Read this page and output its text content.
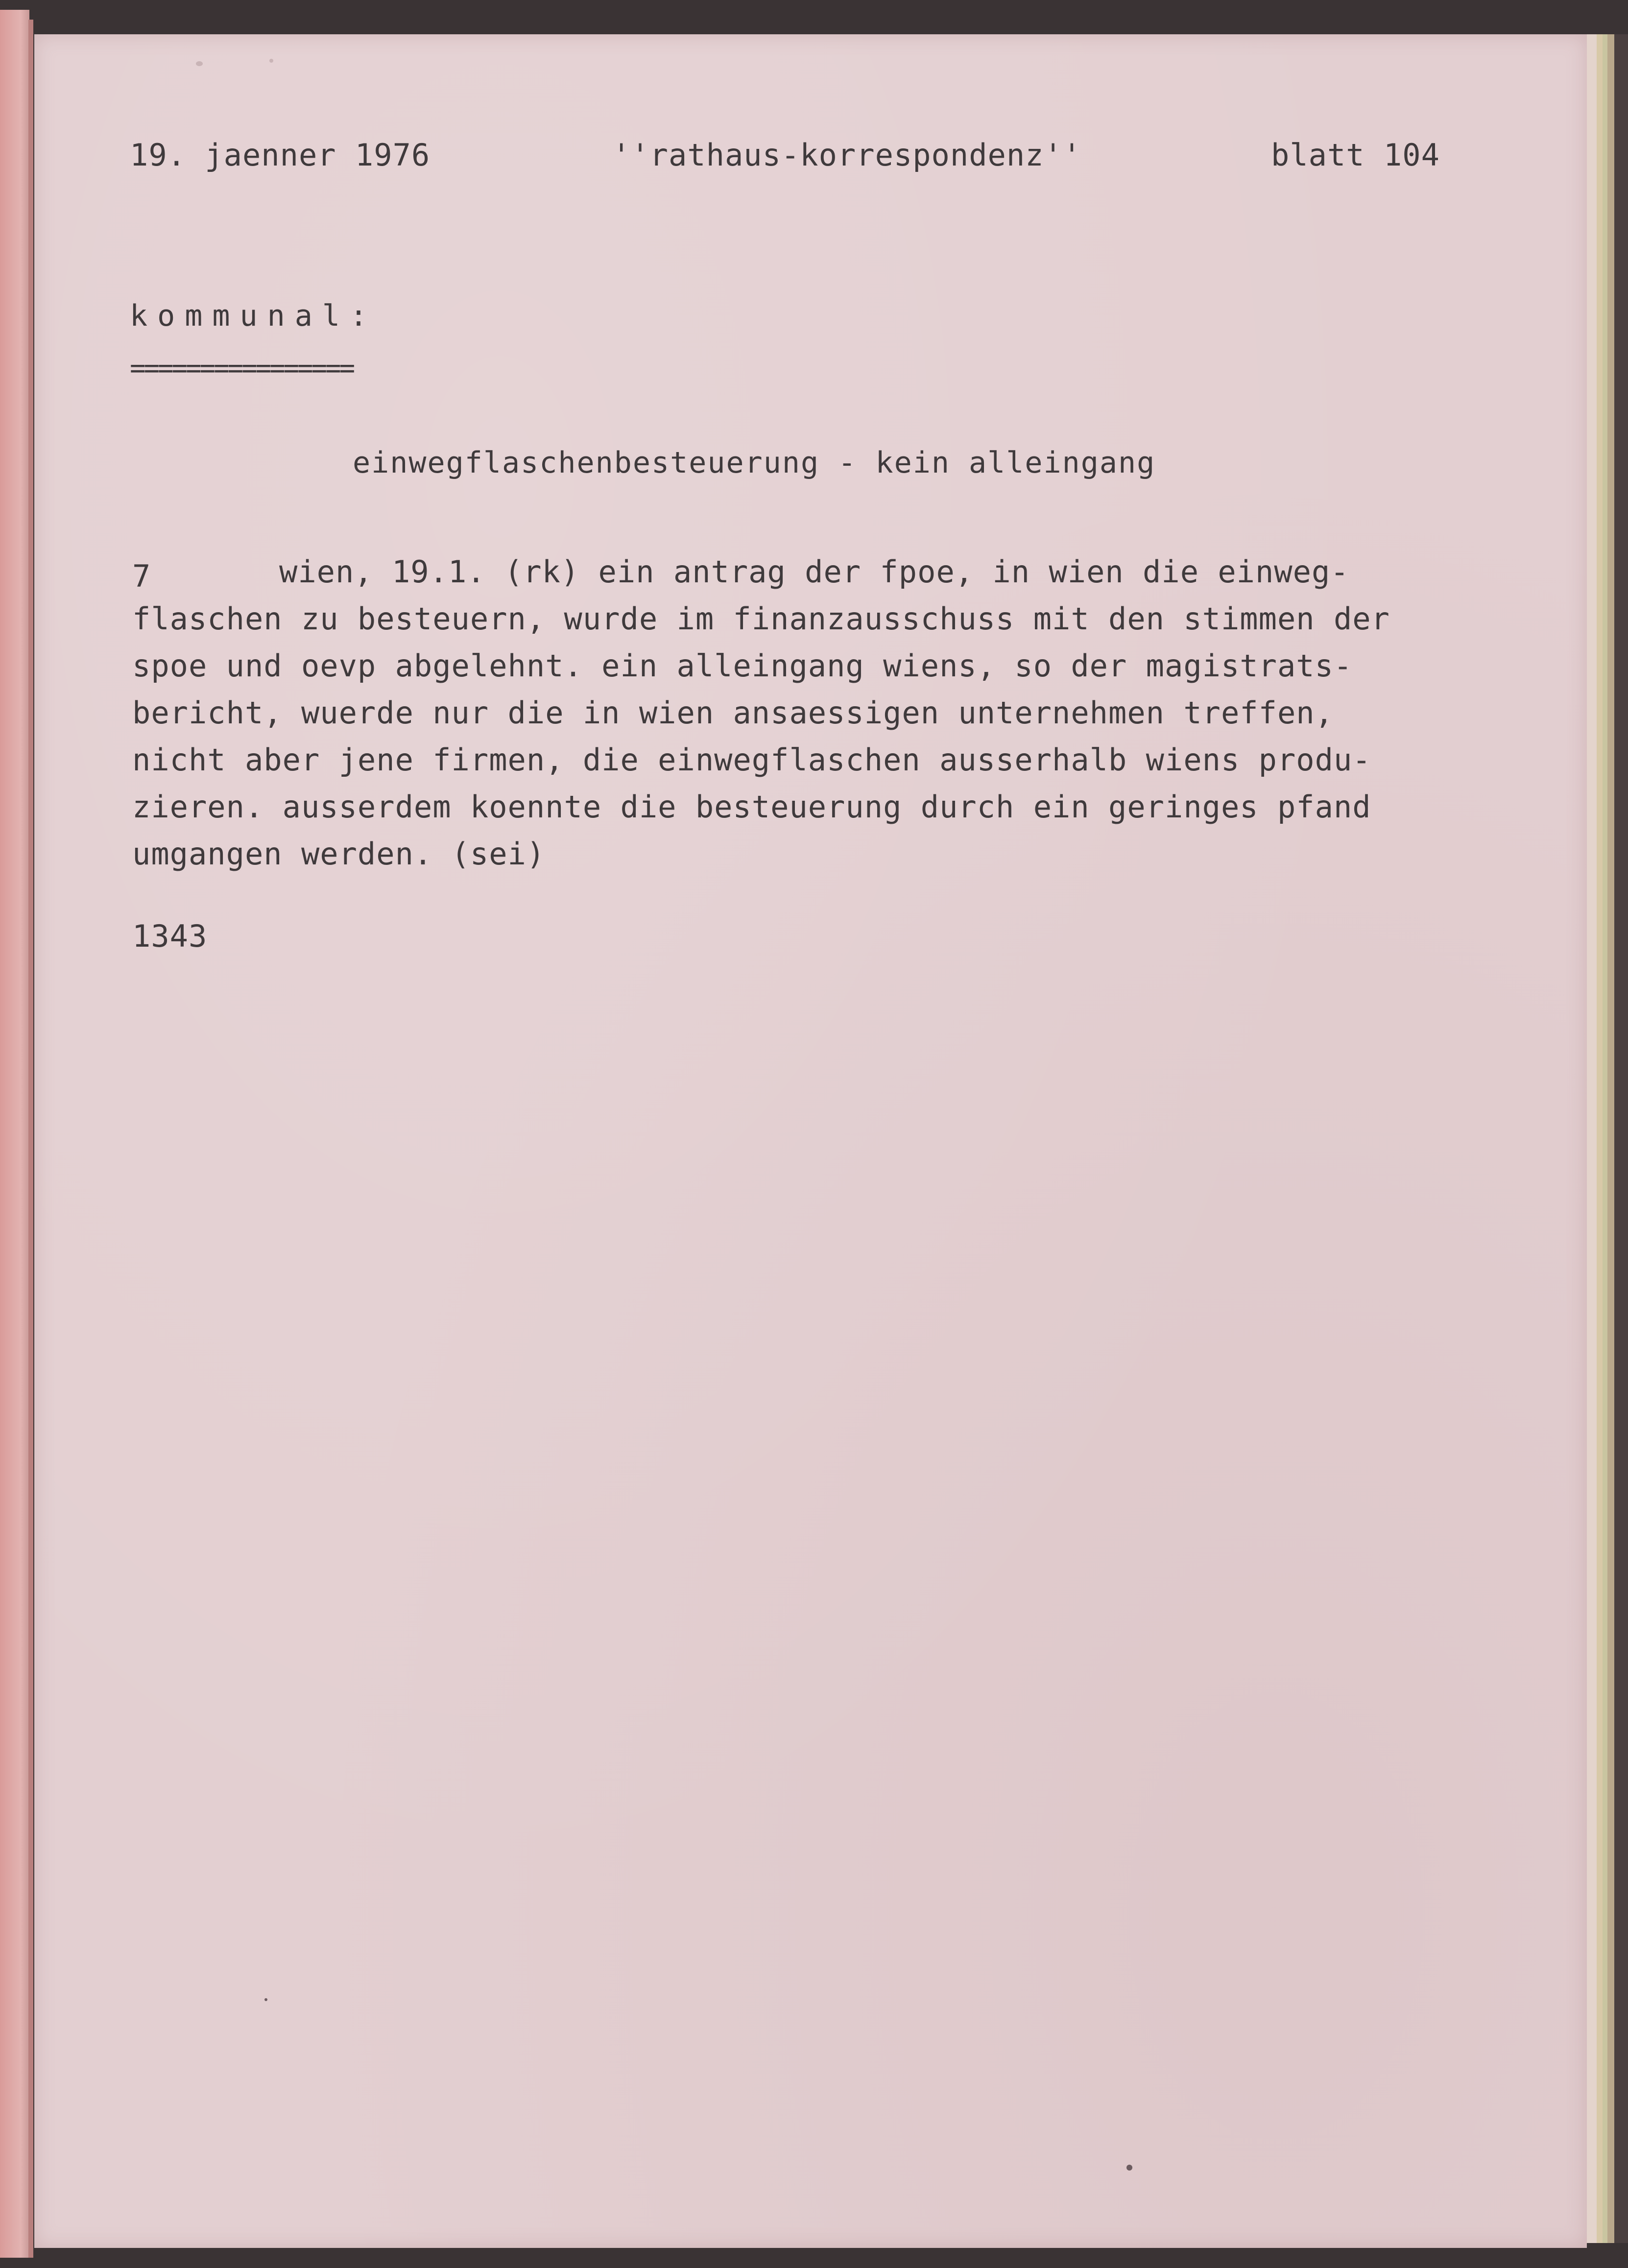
19. jaenner 1976	''rathaus-korrespondenz''	blatt 104
kommunal:
================
einwegflaschenbesteuerung - kein alleingang
7	wien, 19.1. (rk) ein antrag der fpoe, in wien die einweg-
flaschen zu besteuern, wurde im finanzausschuss mit den stimmen der
spoe und oevp abgelehnt. ein alleingang wiens, so der magistrats-
bericht, wuerde nur die in wien ansaessigen unternehmen treffen,
nicht aber jene firmen, die einwegflaschen ausserhalb wiens produ-
zieren. ausserdem koennte die besteuerung durch ein geringes pfand
umgangen werden. (sei)
1343
